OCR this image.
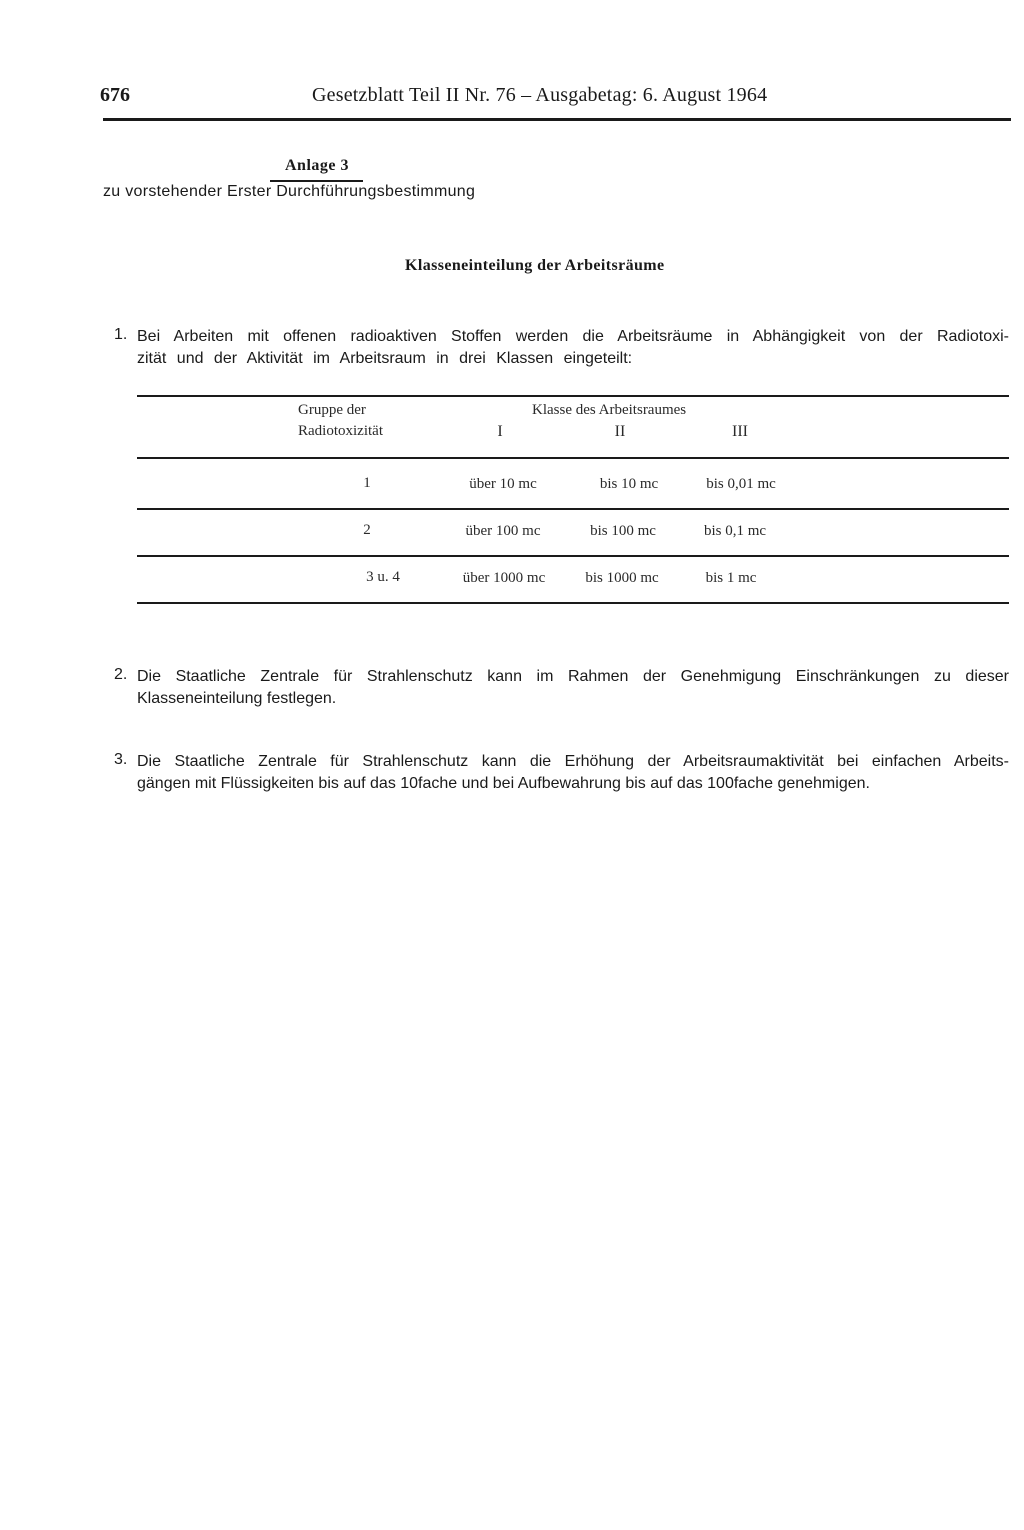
676	Gesetzblatt Teil II Nr. 76 – Ausgabetag: 6. August 1964
Anlage 3
zu vorstehender Erster Durchführungsbestimmung
Klasseneinteilung der Arbeitsräume
1. Bei Arbeiten mit offenen radioaktiven Stoffen werden die Arbeitsräume in Abhängigkeit von der Radiotoxi-
zität und der Aktivität im Arbeitsraum in drei Klassen eingeteilt:
Gruppe der
Radiotoxizität
Klasse des Arbeitsraumes
I	II	III
1	über 10 mc	bis 10 mc	bis 0,01 mc
2	über 100 mc	bis 100 mc	bis 0,1 mc
3 u. 4	über 1000 mc	bis 1000 mc	bis 1 mc
2. Die Staatliche Zentrale für Strahlenschutz kann im Rahmen der Genehmigung Einschränkungen zu dieser
Klasseneinteilung festlegen.
3. Die Staatliche Zentrale für Strahlenschutz kann die Erhöhung der Arbeitsraumaktivität bei einfachen Arbeits-
gängen mit Flüssigkeiten bis auf das 10fache und bei Aufbewahrung bis auf das 100fache genehmigen.
